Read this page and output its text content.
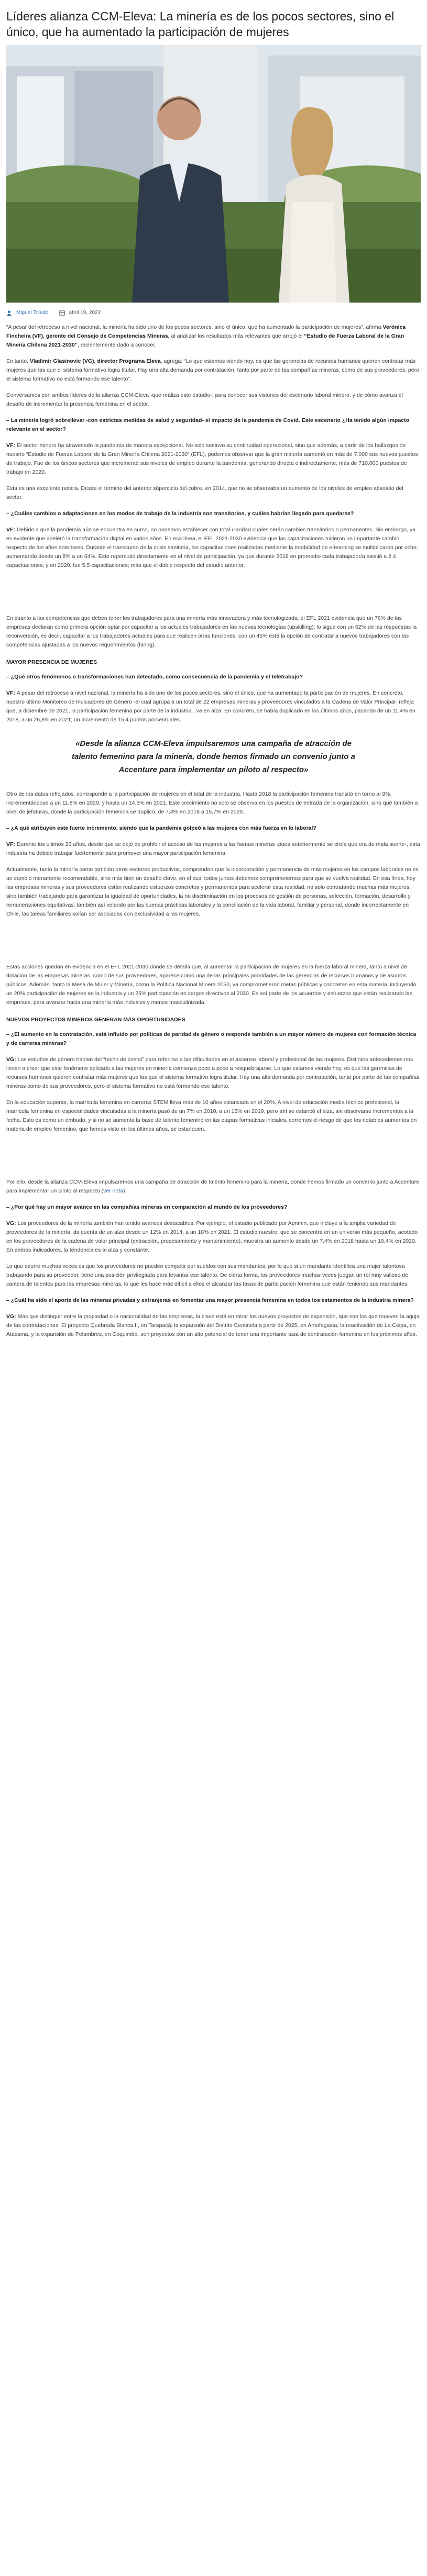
Líderes alianza CCM-Eleva: La minería es de los pocos sectores, sino el único, que ha aumentado la participación de mujeres
Miguel Toledo	abril 19, 2022

“A pesar del retroceso a nivel nacional, la minería ha sido uno de los pocos sectores, sino el único, que ha aumentado la participación de mujeres”, afirma Verónica Fincheira (VF), gerente del Consejo de Competencias Mineras, al analizar los resultados más relevantes que arrojó el “Estudio de Fuerza Laboral de la Gran Minería Chilena 2021-2030”, recientemente dado a conocer.

En tanto, Vladimir Glasinovic (VG), director Programa Eleva, agrega: “Lo que estamos viendo hoy, es que las gerencias de recursos humanos quieren contratar más mujeres que las que el sistema formativo logra titular. Hay una alta demanda por contratación, tanto por parte de las compañías mineras, como de sus proveedores, pero el sistema formativo no está formando ese talento”.

Conversamos con ambos líderes de la alianza CCM-Eleva -que realiza este estudio-, para conocer sus visiones del escenario laboral minero, y de cómo avanza el desafío de incrementar la presencia femenina en el sector.

– La minería logró sobrellevar -con estrictas medidas de salud y seguridad- el impacto de la pandemia de Covid. Este escenario ¿Ha tenido algún impacto relevante en el sector?

VF: El sector minero ha atravesado la pandemia de manera excepcional. No solo sostuvo su continuidad operacional, sino que además, a partir de los hallazgos de nuestro “Estudio de Fuerza Laboral de la Gran Minería Chilena 2021-2030” (EFL), podemos observar que la gran minería aumentó en más de 7.000 sus nuevos puestos de trabajo. Fue de los únicos sectores que incrementó sus niveles de empleo durante la pandemia, generando directa e indirectamente, más de 710.000 puestos de trabajo en 2020.

Esta es una excelente noticia. Desde el término del anterior súperciclo del cobre, en 2014, que no se observaba un aumento de los niveles de empleo absoluto del sector.

– ¿Cuáles cambios o adaptaciones en los modos de trabajo de la industria son transitorios, y cuáles habrían llegado para quedarse?

VF: Debido a que la pandemia aún se encuentra en curso, no podemos establecer con total claridad cuales serán cambios transitorios o permanentes. Sin embargo, ya es evidente que aceleró la transformación digital en varios años. En esa línea, el EFL 2021-2030 evidencia que las capacitaciones tuvieron un importante cambio respecto de los años anteriores. Durante el transcurso de la crisis sanitaria, las capacitaciones realizadas mediante la modalidad de e-learning se multiplicaron por ocho; aumentando desde un 8% a un 64%. Esto repercutió directamente en el nivel de participación, ya que durante 2018 en promedio cada trabajador/a asistió a 2,4 capacitaciones, y en 2020, fue 5,5 capacitaciones; más que el doble respecto del estudio anterior.

En cuanto a las competencias que deben tener los trabajadores para una minería más innovadora y más tecnologizada, el EFL 2021 evidencia que un 76% de las empresas declaran como primera opción optar por capacitar a los actuales trabajadores en las nuevas tecnologías (upskilling); lo sigue con un 62% de las respuestas la reconversión, es decir, capacitar a los trabajadores actuales para que realicen otras funciones; con un 45% está la opción de contratar a nuevos trabajadores con las competencias ajustadas a los nuevos requerimientos (hiring).

MAYOR PRESENCIA DE MUJERES

– ¿Qué otros fenómenos o transformaciones han detectado, como consecuencia de la pandemia y el teletrabajo?

VF: A pesar del retroceso a nivel nacional, la minería ha sido uno de los pocos sectores, sino el único, que ha aumentado la participación de mujeres. En concreto, nuestro último Monitoreo de Indicadores de Género -el cual agrupa a un total de 22 empresas mineras y proveedores vinculados a la Cadena de Valor Principal- refleja que, a diciembre de 2021, la participación femenina por parte de la industria , va en alza. En concreto, se había duplicado en los últimos años, pasando de un 11,4% en 2018, a un 26,8% en 2021; un incremento de 15,4 puntos porcentuales.

«Desde la alianza CCM-Eleva impulsaremos una campaña de atracción de talento femenino para la minería, donde hemos firmado un convenio junto a Accenture para implementar un piloto al respecto»

Otro de los datos reflejados, corresponde a la participación de mujeres en el total de la industria. Hasta 2018 la participación femenina transitó en torno al 9%, incrementándose a un 11,8% en 2020, y hasta un 14,3% en 2021. Este crecimiento no solo se observa en los puestos de entrada de la organización, sino que también a nivel de jefaturas, donde la participación femenina se duplicó, de 7,4% en 2018 a 15,7% en 2020.

– ¿A qué atribuyen este fuerte incremento, siendo que la pandemia golpeó a las mujeres con más fuerza en lo laboral?

VF: Durante los últimos 26 años, desde que se dejó de prohibir el acceso de las mujeres a las faenas mineras -pues anteriormente se creía que era de mala suerte-, esta industria ha debido trabajar fuertemente para promover una mayor participación femenina.

Actualmente, tanto la minería como también otros sectores productivos, comprenden que la incorporación y permanencia de más mujeres en los campos laborales no es un cambio meramente recomendable, sino más bien un desafío clave, en el cual todos juntos debemos comprometernos para que se vuelva realidad. En esa línea, hoy las empresas mineras y sus proveedores están realizando esfuerzos concretos y permanentes para acelerar esta realidad, no solo contratando muchas más mujeres, sino también trabajando para garantizar la igualdad de oportunidades, la no discriminación en los procesos de gestión de personas, selección, formación, desarrollo y remuneraciones equitativas; también así velando por las buenas prácticas laborales y la conciliación de la vida laboral, familiar y personal, donde incorrectamente en Chile, las tareas familiares solían ser asociadas con exclusividad a las mujeres.

Estas acciones quedan en evidencia en el EFL 2021-2030 donde se detalla que, al aumentar la participación de mujeres en la fuerza laboral minera, tanto a nivel de dotación de las empresas mineras, como de sus proveedores, aparece como una de las principales prioridades de las gerencias de recursos humanos y de asuntos públicos. Además, tanto la Mesa de Mujer y Minería, como la Política Nacional Minera 2050, ya comprometieron metas públicas y concretas en esta materia, incluyendo un 20% participación de mujeres en la industria y un 25% participación en cargos directivos al 2030. Es así parte de los acuerdos y esfuerzos que están realizando las empresas, para avanzar hacia una minería más inclusiva y menos masculinizada.

NUEVOS PROYECTOS MINEROS GENERAN MÁS OPORTUNIDADES

– ¿El aumento en la contratación, está influido por políticas de paridad de género o responde también a un mayor número de mujeres con formación técnica y de carreras mineras?

VG: Los estudios de género hablan del “techo de cristal” para referirse a las dificultades en el ascenso laboral y profesional de las mujeres. Distintos antecedentes nos llevan a creer que este fenómeno aplicado a las mujeres en minería comienza poco a poco a resquebrajarse. Lo que estamos viendo hoy, es que las gerencias de recursos humanos quieren contratar más mujeres que las que el sistema formativo logra titular. Hay una alta demanda por contratación, tanto por parte de las compañías mineras como de sus proveedores, pero el sistema formativo no está formando ese talento.

En la educación superior, la matrícula femenina en carreras STEM lleva más de 10 años estancada en el 20%. A nivel de educación media técnico profesional, la matrícula femenina en especialidades vinculadas a la minería pasó de un 7% en 2010, a un 15% en 2019, pero ahí se estancó el alza, sin observarse incrementos a la fecha. Esto es como un embudo, y si no se aumenta la base de talento femenino en las etapas formativas iniciales, corremos el riesgo de que los notables aumentos en materia de empleo femenino, que hemos visto en los últimos años, se estanquen.

Por ello, desde la alianza CCM-Eleva impulsaremos una campaña de atracción de talento femenino para la minería, donde hemos firmado un convenio junto a Accenture para implementar un piloto al respecto (ver nota).

– ¿Por qué hay un mayor avance en las compañías mineras en comparación al mundo de los proveedores?

VG: Los proveedores de la minería también han tenido avances destacables. Por ejemplo, el estudio publicado por Aprimin, que incluye a la amplia variedad de proveedores de la minería, da cuenta de un alza desde un 12% en 2014, a un 18% en 2021. El estudio nuestro, que se concentra en un universo más pequeño, acotado en los proveedores de la cadena de valor principal (extracción, procesamiento y mantenimiento), muestra un aumento desde un 7,4% en 2018 hasta un 10,4% en 2020. En ambos indicadores, la tendencia es al alza y constante.

Lo que ocurre muchas veces es que los proveedores no pueden competir por sueldos con sus mandantes, por lo que si un mandante identifica una mujer talentosa trabajando para su proveedor, tiene una posición privilegiada para levantar ese talento. De cierta forma, los proveedores muchas veces juegan un rol muy valioso de cantera de talentos para las empresas mineras, lo que les hace más difícil a ellos el alcanzar las tasas de participación femenina que están teniendo sus mandantes.

– ¿Cuál ha sido el aporte de las mineras privadas y extranjeras en fomentar una mayor presencia femenina en todos los estamentos de la industria minera?

VG: Más que distinguir entre la propiedad o la nacionalidad de las empresas, la clave está en mirar los nuevos proyectos de expansión, que son los que mueven la aguja de las contrataciones. El proyecto Quebrada Blanca II, en Tarapacá; la expansión del Distrito Centinela a partir de 2025, en Antofagasta; la reactivación de La Coipa, en Atacama, y la expansión de Pelambres, en Coquimbo, son proyectos con un alto potencial de tener una importante tasa de contratación femenina en los próximos años.
